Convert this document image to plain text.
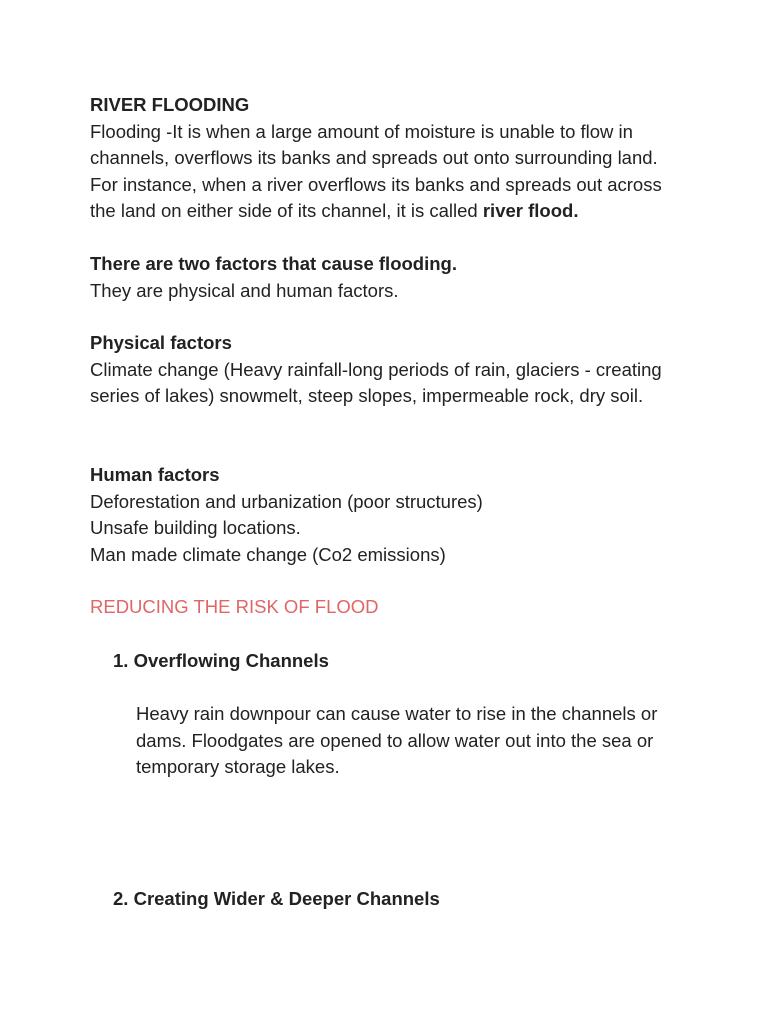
RIVER FLOODING

Flooding -It is when a large amount of moisture is unable to flow in channels, overflows its banks and spreads out onto surrounding land. For instance, when a river overflows its banks and spreads out across the land on either side of its channel, it is called river flood.

There are two factors that cause flooding.

They are physical and human factors.

Physical factors

Climate change (Heavy rainfall-long periods of rain, glaciers - creating series of lakes) snowmelt, steep slopes, impermeable rock, dry soil.

Human factors

Deforestation and urbanization (poor structures)

Unsafe building locations.

Man made climate change (Co2 emissions)

REDUCING THE RISK OF FLOOD

1. Overflowing Channels

Heavy rain downpour can cause water to rise in the channels or dams. Floodgates are opened to allow water out into the sea or temporary storage lakes.

2. Creating Wider & Deeper Channels
